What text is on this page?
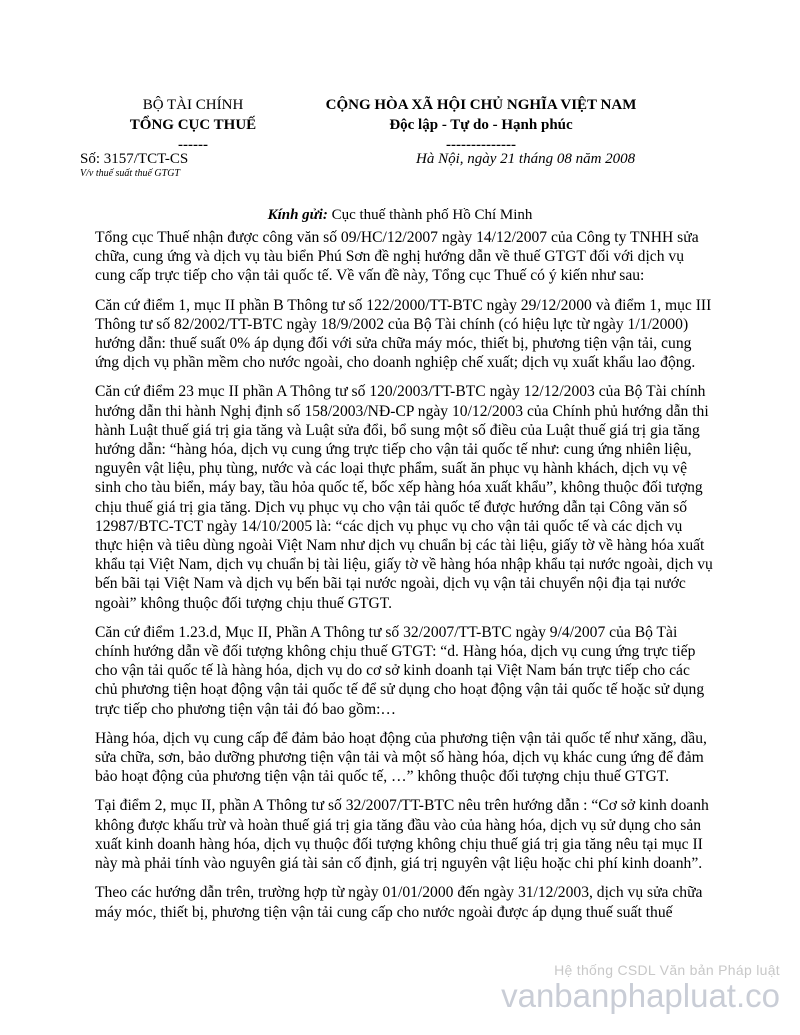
BỘ TÀI CHÍNH
TỔNG CỤC THUẾ
------
CỘNG HÒA XÃ HỘI CHỦ NGHĨA VIỆT NAM
Độc lập - Tự do - Hạnh phúc
--------------
Số: 3157/TCT-CS
V/v thuế suất thuế GTGT
Hà Nội, ngày 21 tháng 08 năm 2008
Kính gửi: Cục thuế thành phố Hồ Chí Minh

Tổng cục Thuế nhận được công văn số 09/HC/12/2007 ngày 14/12/2007 của Công ty TNHH sửa chữa, cung ứng và dịch vụ tàu biển Phú Sơn đề nghị hướng dẫn về thuế GTGT đối với dịch vụ cung cấp trực tiếp cho vận tải quốc tế. Về vấn đề này, Tổng cục Thuế có ý kiến như sau:

Căn cứ điểm 1, mục II phần B Thông tư số 122/2000/TT-BTC ngày 29/12/2000 và điểm 1, mục III Thông tư số 82/2002/TT-BTC ngày 18/9/2002 của Bộ Tài chính (có hiệu lực từ ngày 1/1/2000) hướng dẫn: thuế suất 0% áp dụng đối với sửa chữa máy móc, thiết bị, phương tiện vận tải, cung ứng dịch vụ phần mềm cho nước ngoài, cho doanh nghiệp chế xuất; dịch vụ xuất khẩu lao động.

Căn cứ điểm 23 mục II phần A Thông tư số 120/2003/TT-BTC ngày 12/12/2003 của Bộ Tài chính hướng dẫn thi hành Nghị định số 158/2003/NĐ-CP ngày 10/12/2003 của Chính phủ hướng dẫn thi hành Luật thuế giá trị gia tăng và Luật sửa đổi, bổ sung một số điều của Luật thuế giá trị gia tăng hướng dẫn: “hàng hóa, dịch vụ cung ứng trực tiếp cho vận tải quốc tế như: cung ứng nhiên liệu, nguyên vật liệu, phụ tùng, nước và các loại thực phẩm, suất ăn phục vụ hành khách, dịch vụ vệ sinh cho tàu biển, máy bay, tầu hỏa quốc tế, bốc xếp hàng hóa xuất khẩu”, không thuộc đối tượng chịu thuế giá trị gia tăng. Dịch vụ phục vụ cho vận tải quốc tế được hướng dẫn tại Công văn số 12987/BTC-TCT ngày 14/10/2005 là: “các dịch vụ phục vụ cho vận tải quốc tế và các dịch vụ thực hiện và tiêu dùng ngoài Việt Nam như dịch vụ chuẩn bị các tài liệu, giấy tờ về hàng hóa xuất khẩu tại Việt Nam, dịch vụ chuẩn bị tài liệu, giấy tờ về hàng hóa nhập khẩu tại nước ngoài, dịch vụ bến bãi tại Việt Nam và dịch vụ bến bãi tại nước ngoài, dịch vụ vận tải chuyển nội địa tại nước ngoài” không thuộc đối tượng chịu thuế GTGT.

Căn cứ điểm 1.23.d, Mục II, Phần A Thông tư số 32/2007/TT-BTC ngày 9/4/2007 của Bộ Tài chính hướng dẫn về đối tượng không chịu thuế GTGT: “d. Hàng hóa, dịch vụ cung ứng trực tiếp cho vận tải quốc tế là hàng hóa, dịch vụ do cơ sở kinh doanh tại Việt Nam bán trực tiếp cho các chủ phương tiện hoạt động vận tải quốc tế để sử dụng cho hoạt động vận tải quốc tế hoặc sử dụng trực tiếp cho phương tiện vận tải đó bao gồm:…

Hàng hóa, dịch vụ cung cấp để đảm bảo hoạt động của phương tiện vận tải quốc tế như xăng, dầu, sửa chữa, sơn, bảo dưỡng phương tiện vận tải và một số hàng hóa, dịch vụ khác cung ứng để đảm bảo hoạt động của phương tiện vận tải quốc tế, …” không thuộc đối tượng chịu thuế GTGT.

Tại điểm 2, mục II, phần A Thông tư số 32/2007/TT-BTC nêu trên hướng dẫn : “Cơ sở kinh doanh không được khấu trừ và hoàn thuế giá trị gia tăng đầu vào của hàng hóa, dịch vụ sử dụng cho sản xuất kinh doanh hàng hóa, dịch vụ thuộc đối tượng không chịu thuế giá trị gia tăng nêu tại mục II này mà phải tính vào nguyên giá tài sản cố định, giá trị nguyên vật liệu hoặc chi phí kinh doanh”.

Theo các hướng dẫn trên, trường hợp từ ngày 01/01/2000 đến ngày 31/12/2003, dịch vụ sửa chữa máy móc, thiết bị, phương tiện vận tải cung cấp cho nước ngoài được áp dụng thuế suất thuế

Hệ thống CSDL Văn bản Pháp luật
vanbanphapluat.co
